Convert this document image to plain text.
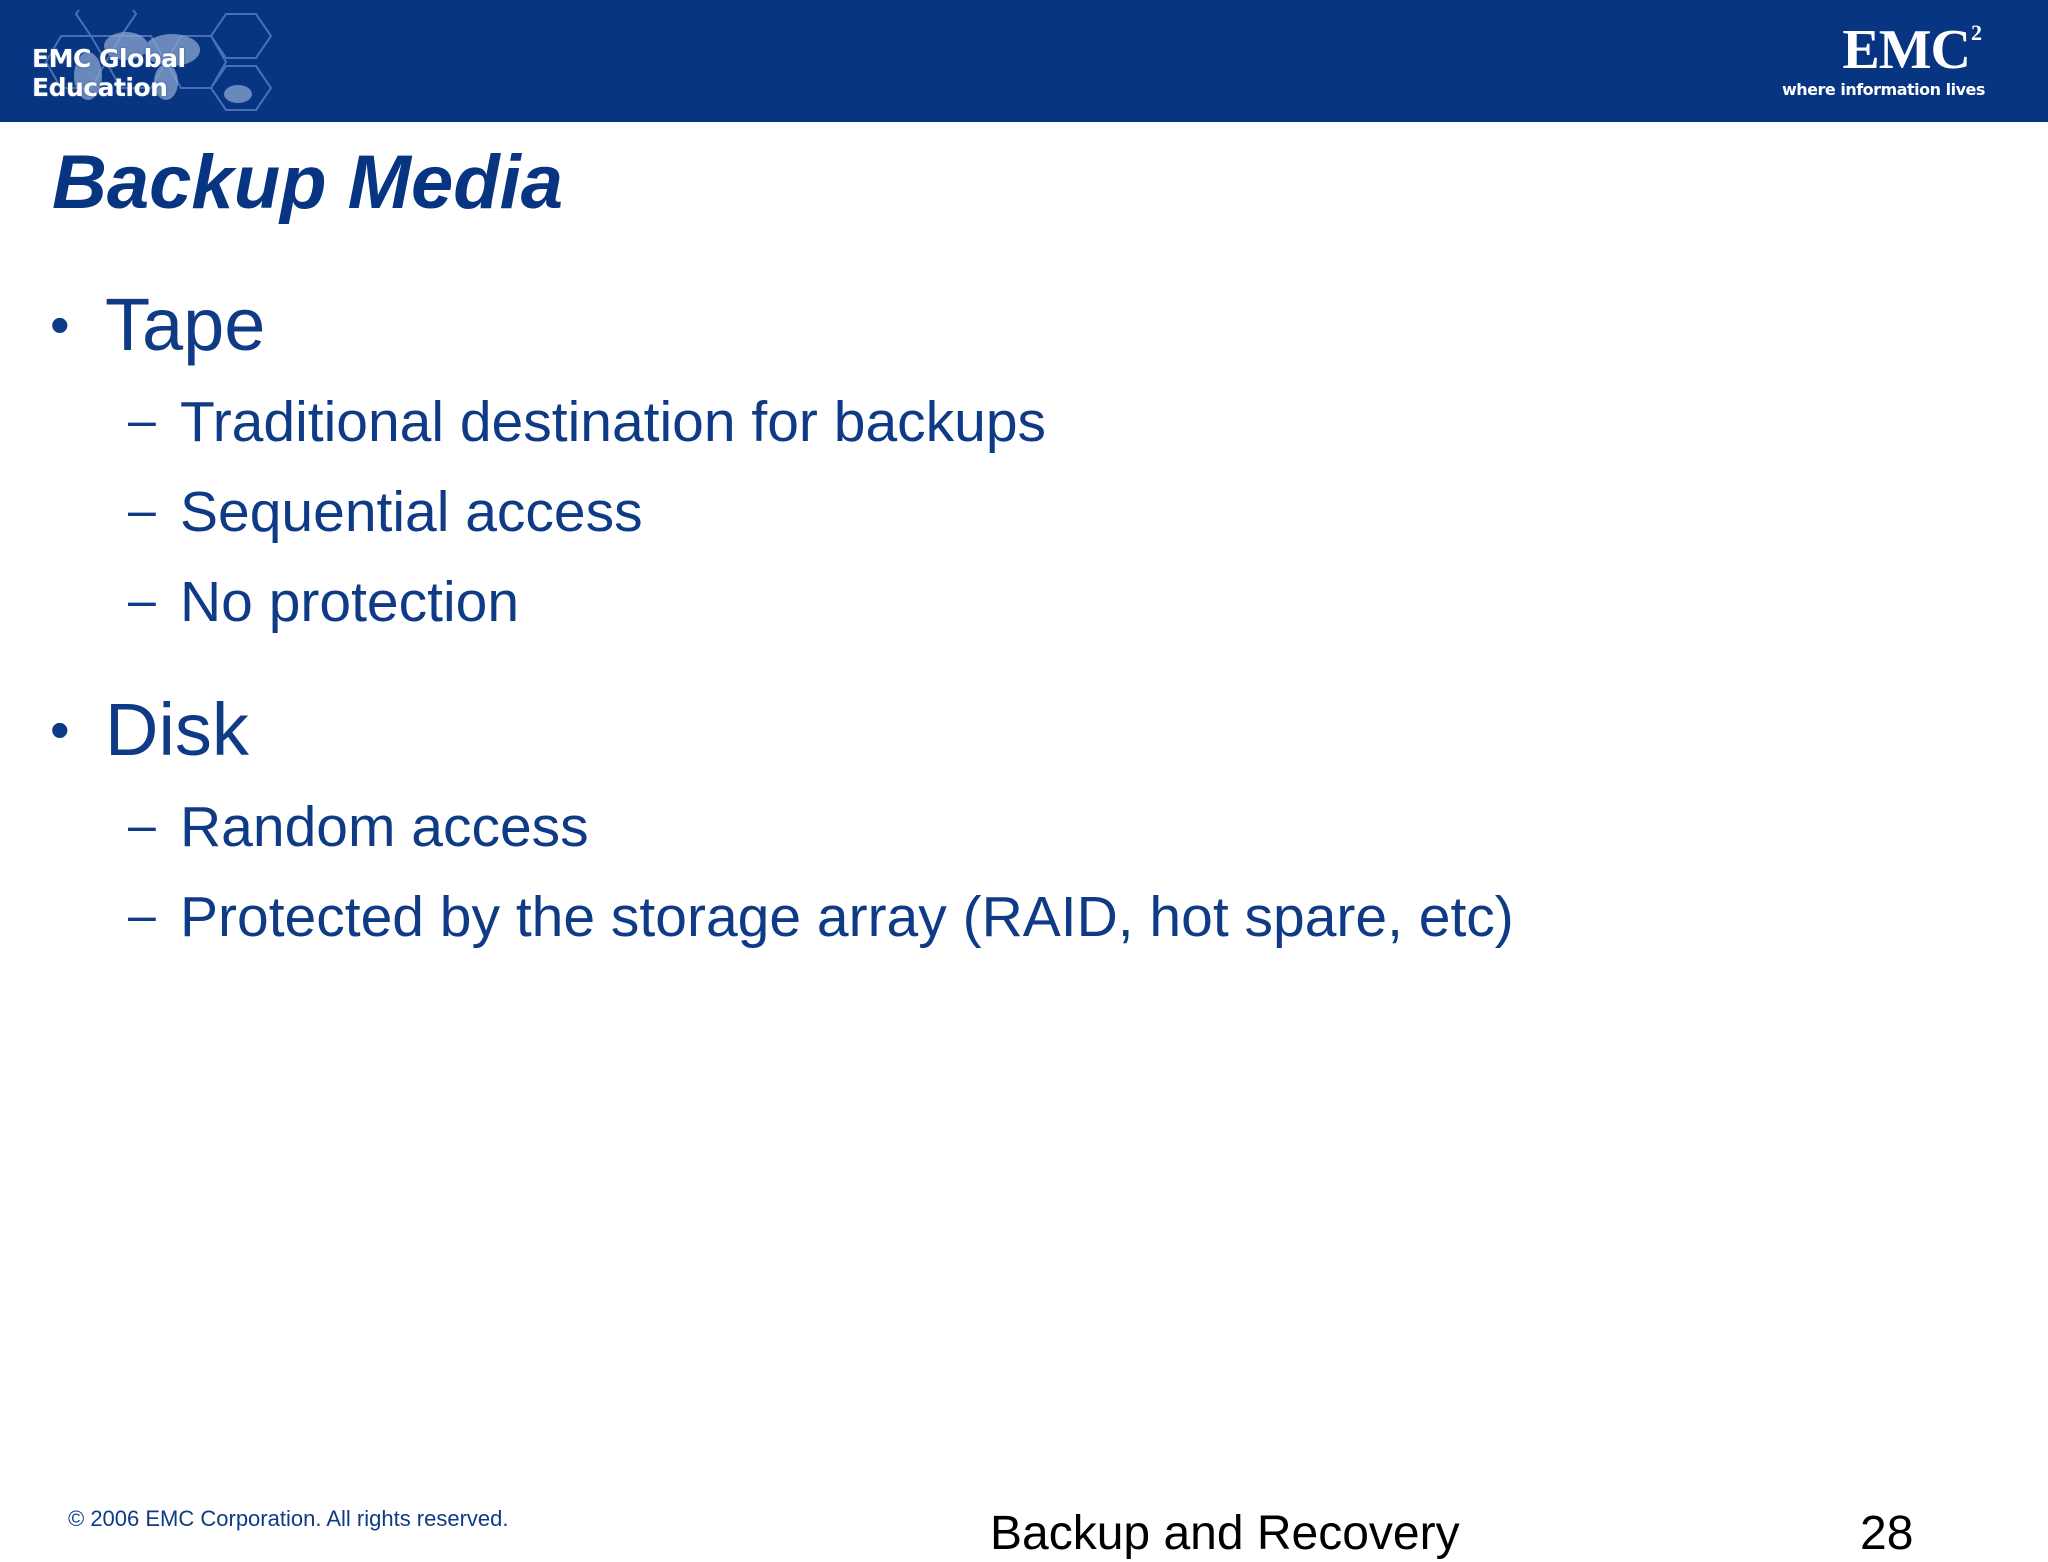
EMC Global Education
EMC 2
where information lives
Backup Media
• Tape
– Traditional destination for backups
– Sequential access
– No protection
• Disk
– Random access
– Protected by the storage array (RAID, hot spare, etc)
© 2006 EMC Corporation. All rights reserved.	Backup and Recovery	28
